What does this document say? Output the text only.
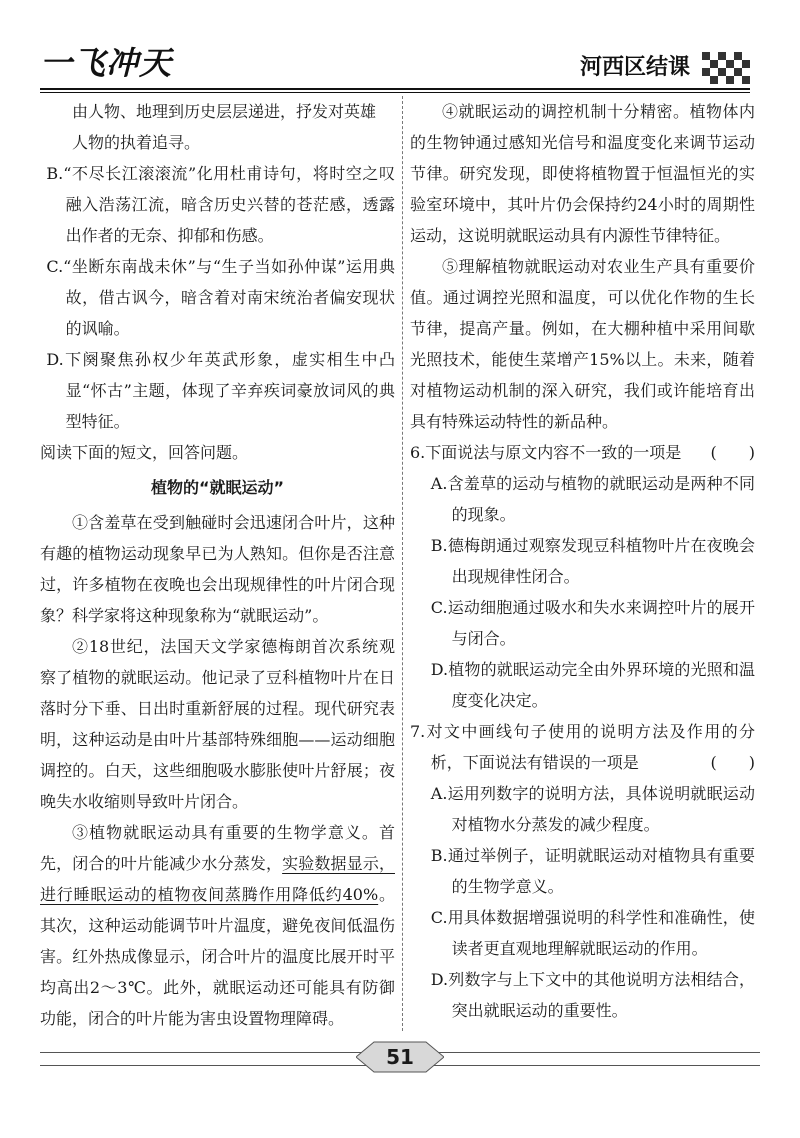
一飞冲天	河西区结课

由人物、地理到历史层层递进，抒发对英雄
人物的执着追寻。

B.“不尽长江滚滚流”化用杜甫诗句，将时空之叹融入浩荡江流，暗含历史兴替的苍茫感，透露出作者的无奈、抑郁和伤感。

C.“坐断东南战未休”与“生子当如孙仲谋”运用典故，借古讽今，暗含着对南宋统治者偏安现状的讽喻。

D.下阕聚焦孙权少年英武形象，虚实相生中凸显“怀古”主题，体现了辛弃疾词豪放词风的典型特征。

阅读下面的短文，回答问题。

植物的“就眠运动”

①含羞草在受到触碰时会迅速闭合叶片，这种有趣的植物运动现象早已为人熟知。但你是否注意过，许多植物在夜晚也会出现规律性的叶片闭合现象？科学家将这种现象称为“就眠运动”。

②18世纪，法国天文学家德梅朗首次系统观察了植物的就眠运动。他记录了豆科植物叶片在日落时分下垂、日出时重新舒展的过程。现代研究表明，这种运动是由叶片基部特殊细胞——运动细胞调控的。白天，这些细胞吸水膨胀使叶片舒展；夜晚失水收缩则导致叶片闭合。

③植物就眠运动具有重要的生物学意义。首先，闭合的叶片能减少水分蒸发，实验数据显示，进行睡眠运动的植物夜间蒸腾作用降低约40%。其次，这种运动能调节叶片温度，避免夜间低温伤害。红外热成像显示，闭合叶片的温度比展开时平均高出2～3℃。此外，就眠运动还可能具有防御功能，闭合的叶片能为害虫设置物理障碍。

④就眠运动的调控机制十分精密。植物体内的生物钟通过感知光信号和温度变化来调节运动节律。研究发现，即使将植物置于恒温恒光的实验室环境中，其叶片仍会保持约24小时的周期性运动，这说明就眠运动具有内源性节律特征。

⑤理解植物就眠运动对农业生产具有重要价值。通过调控光照和温度，可以优化作物的生长节律，提高产量。例如，在大棚种植中采用间歇光照技术，能使生菜增产15%以上。未来，随着对植物运动机制的深入研究，我们或许能培育出具有特殊运动特性的新品种。

6.下面说法与原文内容不一致的一项是 (　　)

A.含羞草的运动与植物的就眠运动是两种不同的现象。

B.德梅朗通过观察发现豆科植物叶片在夜晚会出现规律性闭合。

C.运动细胞通过吸水和失水来调控叶片的展开与闭合。

D.植物的就眠运动完全由外界环境的光照和温度变化决定。

7.对文中画线句子使用的说明方法及作用的分析，下面说法有错误的一项是	(　　)

A.运用列数字的说明方法，具体说明就眠运动对植物水分蒸发的减少程度。

B.通过举例子，证明就眠运动对植物具有重要的生物学意义。

C.用具体数据增强说明的科学性和准确性，使读者更直观地理解就眠运动的作用。

D.列数字与上下文中的其他说明方法相结合，突出就眠运动的重要性。

51
